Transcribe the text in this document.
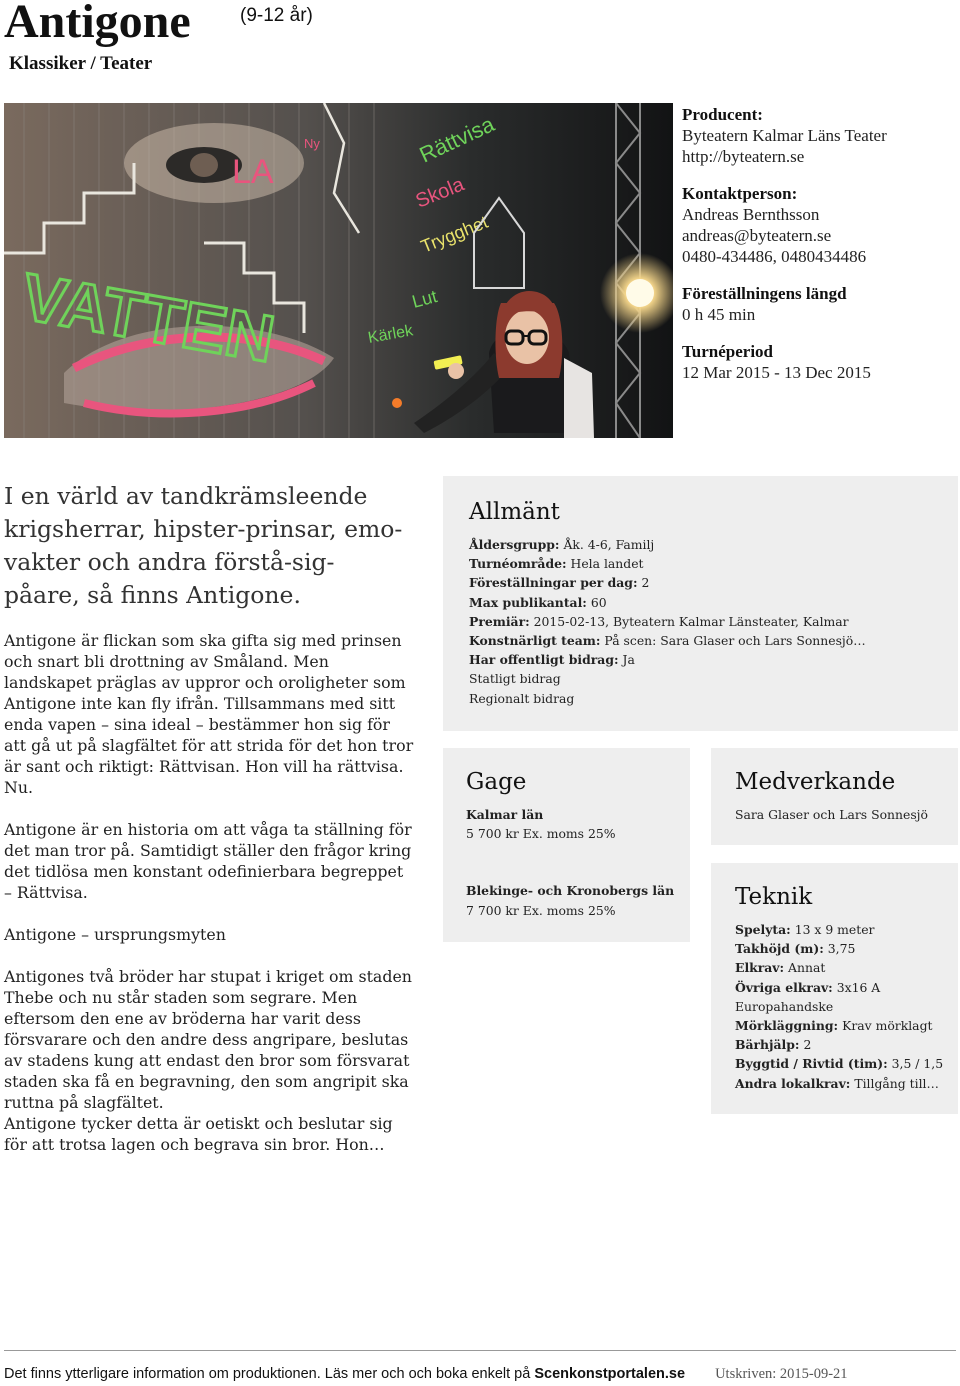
Antigone	(9-12 år)
Klassiker / Teater
VATTEN
LA
Ny	Rättvisa
Skola
Trygghet
Lut
Kärlek
Producent:
Byteatern Kalmar Läns Teater
http://byteatern.se
Kontaktperson:
Andreas Bernthsson
andreas@byteatern.se
0480-434486, 0480434486
Föreställningens längd
0 h 45 min
Turnéperiod
12 Mar 2015 - 13 Dec 2015
I en värld av tandkrämsleende krigsherrar, hipster-prinsar, emo-vakter och andra förstå-sig-påare, så finns Antigone.

Antigone är flickan som ska gifta sig med prinsen och snart bli drottning av Småland. Men landskapet präglas av uppror och oroligheter som Antigone inte kan fly ifrån. Tillsammans med sitt enda vapen – sina ideal – bestämmer hon sig för att gå ut på slagfältet för att strida för det hon tror är sant och riktigt: Rättvisan. Hon vill ha rättvisa. Nu.

Antigone är en historia om att våga ta ställning för det man tror på. Samtidigt ställer den frågor kring det tidlösa men konstant odefinierbara begreppet – Rättvisa.

Antigone – ursprungsmyten

Antigones två bröder har stupat i kriget om staden Thebe och nu står staden som segrare. Men eftersom den ene av bröderna har varit dess försvarare och den andre dess angripare, beslutas av stadens kung att endast den bror som försvarat staden ska få en begravning, den som angripit ska ruttna på slagfältet.

Antigone tycker detta är oetiskt och beslutar sig för att trotsa lagen och begrava sin bror. Hon…

Allmänt
Åldersgrupp: Åk. 4-6, Familj
Turnéområde: Hela landet
Föreställningar per dag: 2
Max publikantal: 60
Premiär: 2015-02-13, Byteatern Kalmar Länsteater, Kalmar
Konstnärligt team: På scen: Sara Glaser och Lars Sonnesjö…
Har offentligt bidrag: Ja
Statligt bidrag
Regionalt bidrag
Gage
Kalmar län
5 700 kr Ex. moms 25%
Blekinge- och Kronobergs län
7 700 kr Ex. moms 25%
Medverkande
Sara Glaser och Lars Sonnesjö
Teknik
Spelyta: 13 x 9 meter
Takhöjd (m): 3,75
Elkrav: Annat
Övriga elkrav: 3x16 A
Europahandske
Mörkläggning: Krav mörklagt
Bärhjälp: 2
Byggtid / Rivtid (tim): 3,5 / 1,5
Andra lokalkrav: Tillgång till…
Det finns ytterligare information om produktionen. Läs mer och och boka enkelt på Scenkonstportalen.se Utskriven: 2015-09-21
